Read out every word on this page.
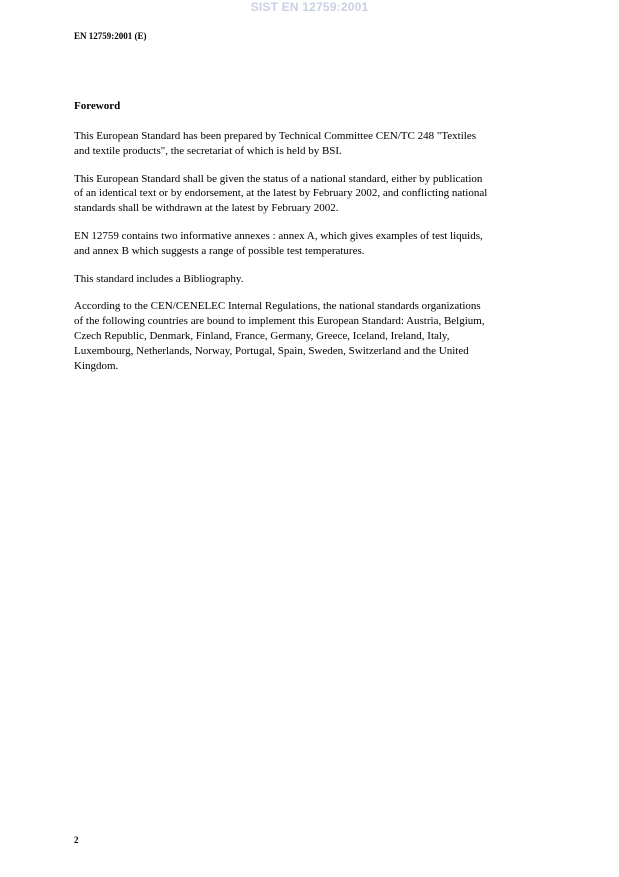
SIST EN 12759:2001
EN 12759:2001 (E)
Foreword

This European Standard has been prepared by Technical Committee CEN/TC 248 "Textiles
and textile products", the secretariat of which is held by BSI.

This European Standard shall be given the status of a national standard, either by publication
of an identical text or by endorsement, at the latest by February 2002, and conflicting national
standards shall be withdrawn at the latest by February 2002.

EN 12759 contains two informative annexes : annex A, which gives examples of test liquids,
and annex B which suggests a range of possible test temperatures.

This standard includes a Bibliography.

According to the CEN/CENELEC Internal Regulations, the national standards organizations
of the following countries are bound to implement this European Standard: Austria, Belgium,
Czech Republic, Denmark, Finland, France, Germany, Greece, Iceland, Ireland, Italy,
Luxembourg, Netherlands, Norway, Portugal, Spain, Sweden, Switzerland and the United
Kingdom.

2
